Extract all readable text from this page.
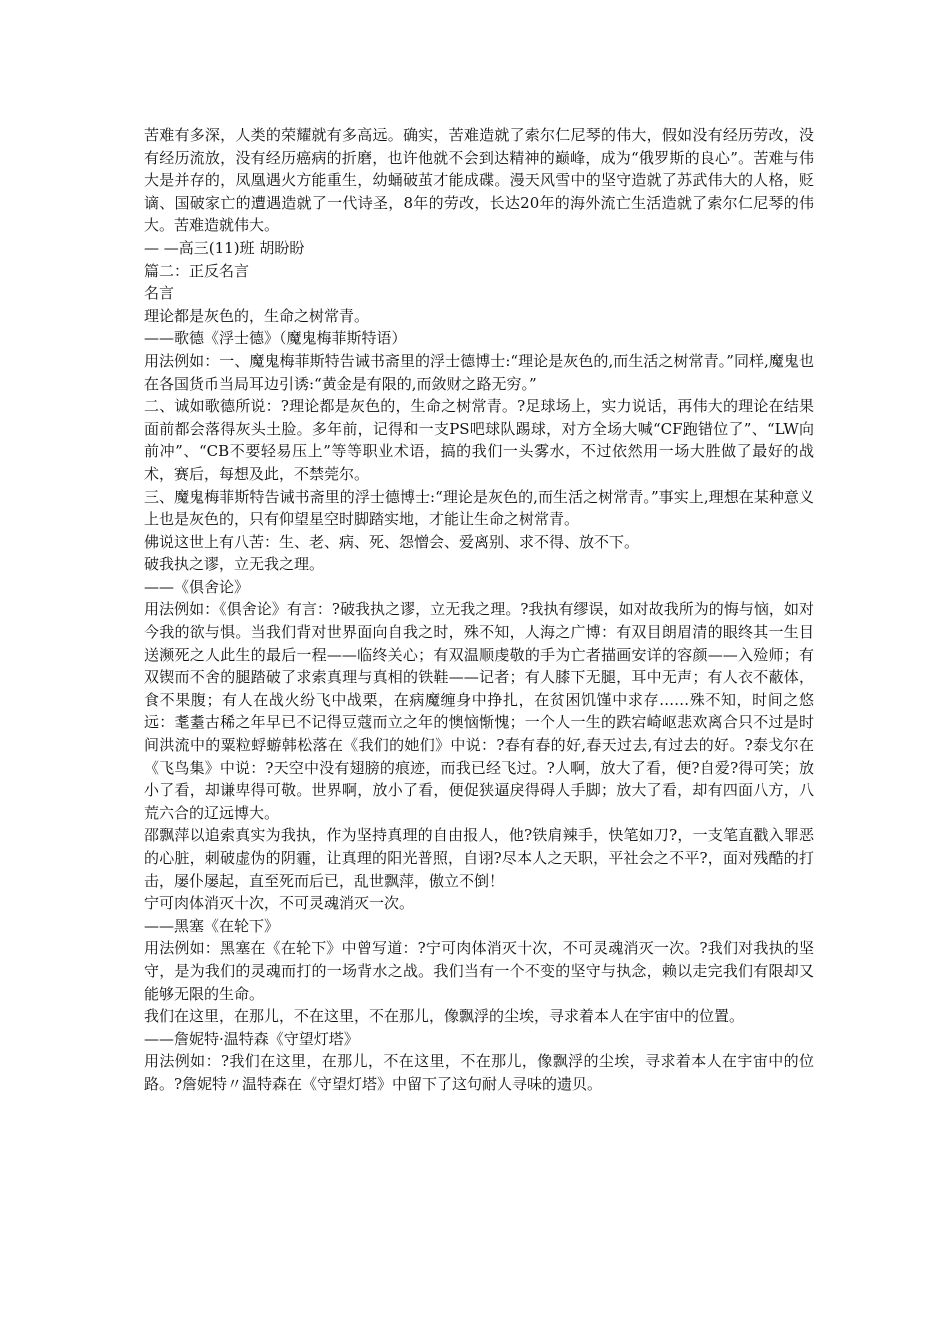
苦难有多深，人类的荣耀就有多高远。确实，苦难造就了索尔仁尼琴的伟大，假如没有经历劳改，没有经历流放，没有经历癌病的折磨，也许他就不会到达精神的巅峰，成为“俄罗斯的良心”。苦难与伟大是并存的，凤凰遇火方能重生，幼蛹破茧才能成碟。漫天风雪中的坚守造就了苏武伟大的人格，贬谪、国破家亡的遭遇造就了一代诗圣，8年的劳改，长达20年的海外流亡生活造就了索尔仁尼琴的伟大。苦难造就伟大。

— —高三(11)班 胡盼盼

篇二：正反名言

名言

理论都是灰色的，生命之树常青。

——歌德《浮士德》（魔鬼梅菲斯特语）

用法例如：一、魔鬼梅菲斯特告诫书斋里的浮士德博士:“理论是灰色的,而生活之树常青。”同样,魔鬼也在各国货币当局耳边引诱:“黄金是有限的,而敛财之路无穷。”

二、诚如歌德所说：?理论都是灰色的，生命之树常青。?足球场上，实力说话，再伟大的理论在结果面前都会落得灰头土脸。多年前，记得和一支PS吧球队踢球，对方全场大喊“CF跑错位了”、“LW向前冲”、“CB不要轻易压上”等等职业术语，搞的我们一头雾水，不过依然用一场大胜做了最好的战术，赛后，每想及此，不禁莞尔。

三、魔鬼梅菲斯特告诫书斋里的浮士德博士:“理论是灰色的,而生活之树常青。”事实上,理想在某种意义上也是灰色的，只有仰望星空时脚踏实地，才能让生命之树常青。

佛说这世上有八苦：生、老、病、死、怨憎会、爱离别、求不得、放不下。

破我执之谬，立无我之理。

——《俱舍论》

用法例如：《俱舍论》有言：?破我执之谬，立无我之理。?我执有缪误，如对故我所为的悔与恼，如对今我的欲与惧。当我们背对世界面向自我之时，殊不知，人海之广博：有双目朗眉清的眼终其一生目送濒死之人此生的最后一程——临终关心；有双温顺虔敬的手为亡者描画安详的容颜——入殓师；有双锲而不舍的腿踏破了求索真理与真相的铁鞋——记者；有人膝下无腿，耳中无声；有人衣不蔽体，食不果腹；有人在战火纷飞中战栗，在病魔缠身中挣扎，在贫困饥馑中求存……殊不知，时间之悠远：耄耋古稀之年早已不记得豆蔻而立之年的懊恼惭愧；一个人一生的跌宕崎岖悲欢离合只不过是时间洪流中的粟粒蜉蝣韩松落在《我们的她们》中说：?春有春的好,春天过去,有过去的好。?泰戈尔在《飞鸟集》中说：?天空中没有翅膀的痕迹，而我已经飞过。?人啊，放大了看，便?自爱?得可笑；放小了看，却谦卑得可敬。世界啊，放小了看，便促狭逼戾得碍人手脚；放大了看，却有四面八方，八荒六合的辽远博大。

邵飘萍以追索真实为我执，作为坚持真理的自由报人，他?铁肩辣手，快笔如刀?，一支笔直戳入罪恶的心脏，刺破虚伪的阴霾，让真理的阳光普照，自诩?尽本人之天职，平社会之不平?，面对残酷的打击，屡仆屡起，直至死而后已，乱世飘萍，傲立不倒！

宁可肉体消灭十次，不可灵魂消灭一次。

——黑塞《在轮下》

用法例如：黑塞在《在轮下》中曾写道：?宁可肉体消灭十次，不可灵魂消灭一次。?我们对我执的坚守，是为我们的灵魂而打的一场背水之战。我们当有一个不变的坚守与执念，赖以走完我们有限却又能够无限的生命。

我们在这里，在那儿，不在这里，不在那儿，像飘浮的尘埃，寻求着本人在宇宙中的位置。

——詹妮特·温特森《守望灯塔》

用法例如：?我们在这里，在那儿，不在这里，不在那儿，像飘浮的尘埃，寻求着本人在宇宙中的位路。?詹妮特〃温特森在《守望灯塔》中留下了这句耐人寻味的遗贝。
